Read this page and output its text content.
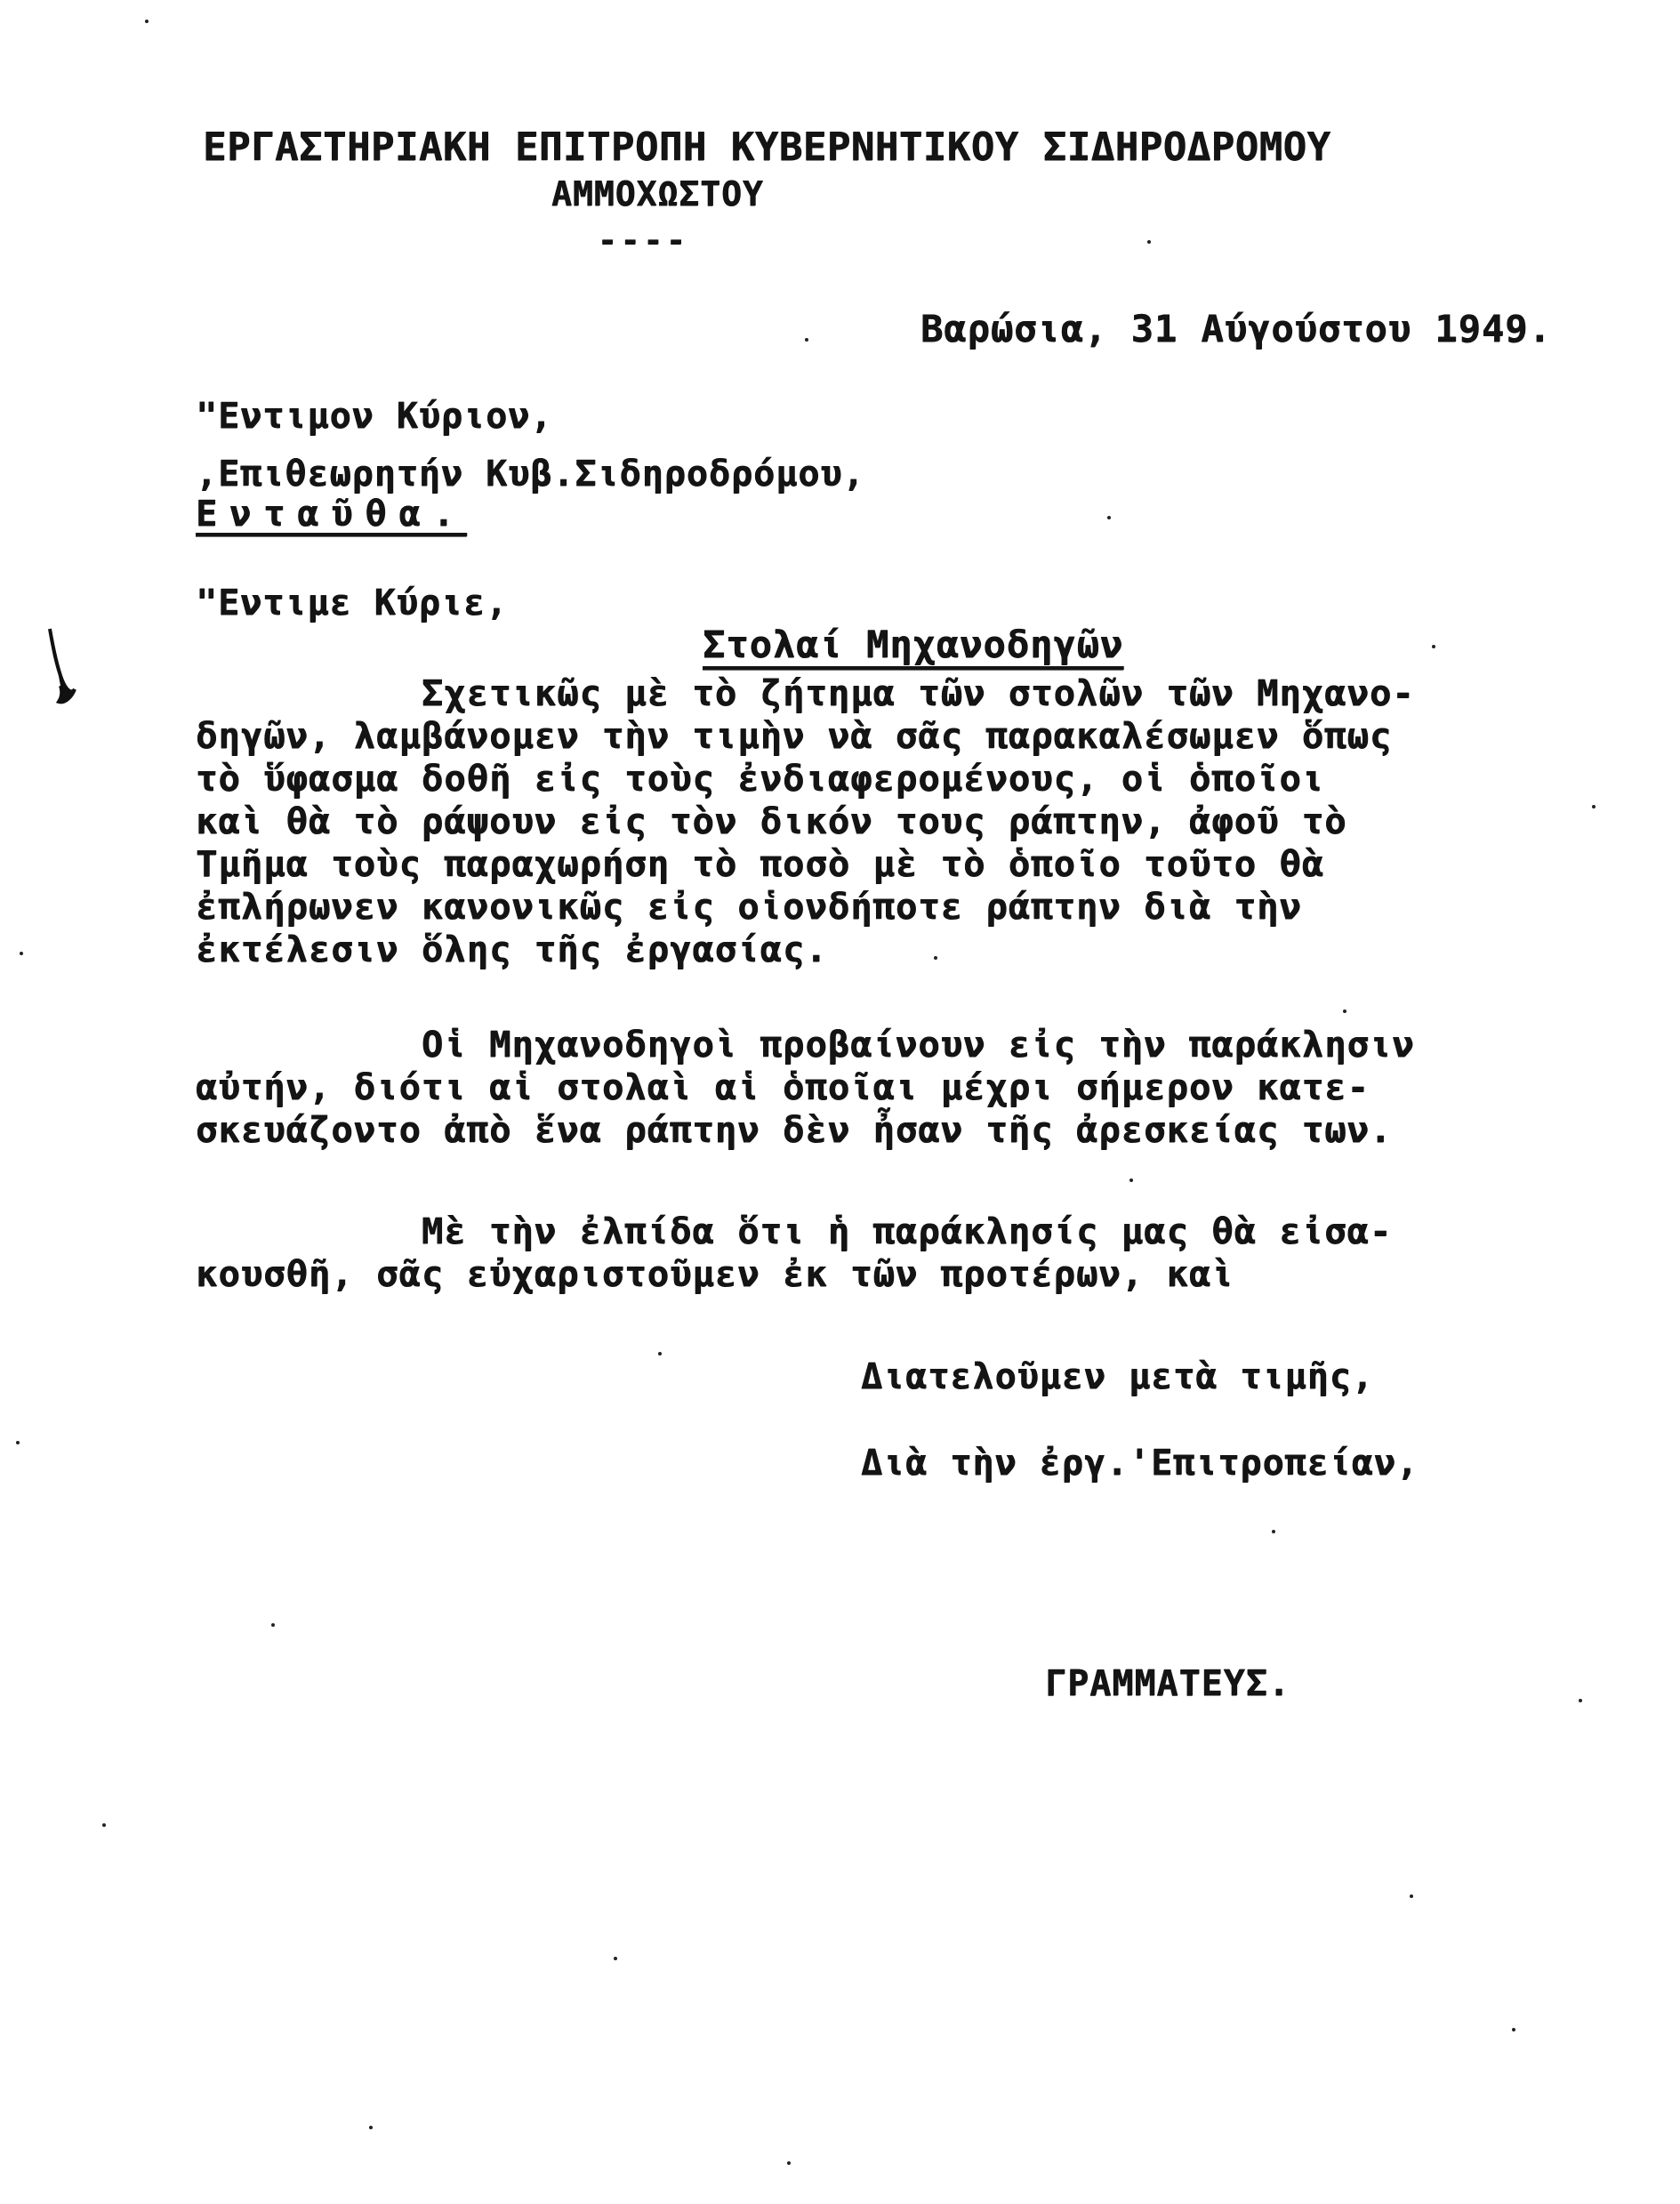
ΕΡΓΑΣΤΗΡΙΑΚΗ ΕΠΙΤΡΟΠΗ ΚΥΒΕΡΝΗΤΙΚΟΥ ΣΙΔΗΡΟΔΡΟΜΟΥ
ΑΜΜΟΧΩΣΤΟΥ
----
Βαρώσια, 31 Αύγούστου 1949.
"Εντιμον Κύριον,
,Επιθεωρητήν Κυβ.Σιδηροδρόμου,
Ενταῦθα.
"Εντιμε Κύριε,
Στολαί Μηχανοδηγῶν
Σχετικῶς μὲ τὸ ζήτημα τῶν στολῶν τῶν Μηχανο-
δηγῶν, λαμβάνομεν τὴν τιμὴν νὰ σᾶς παρακαλέσωμεν ὅπως
τὸ ὕφασμα δοθῆ εἰς τοὺς ἐνδιαφερομένους, οἱ ὁποῖοι
καὶ θὰ τὸ ράψουν εἰς τὸν δικόν τους ράπτην, ἀφοῦ τὸ
Τμῆμα τοὺς παραχωρήση τὸ ποσὸ μὲ τὸ ὁποῖο τοῦτο θὰ
ἐπλήρωνεν κανονικῶς εἰς οἱονδήποτε ράπτην διὰ τὴν
ἐκτέλεσιν ὅλης τῆς ἐργασίας.
Οἱ Μηχανοδηγοὶ προβαίνουν εἰς τὴν παράκλησιν
αὐτήν, διότι αἱ στολαὶ αἱ ὁποῖαι μέχρι σήμερον κατε-
σκευάζοντο ἀπὸ ἕνα ράπτην δὲν ἦσαν τῆς ἀρεσκείας των.
Μὲ τὴν ἐλπίδα ὅτι ἡ παράκλησίς μας θὰ εἰσα-
κουσθῆ, σᾶς εὐχαριστοῦμεν ἐκ τῶν προτέρων, καὶ
Διατελοῦμεν μετὰ τιμῆς,
Διὰ τὴν ἐργ.'Επιτροπείαν,
ΓΡΑΜΜΑΤΕΥΣ.
